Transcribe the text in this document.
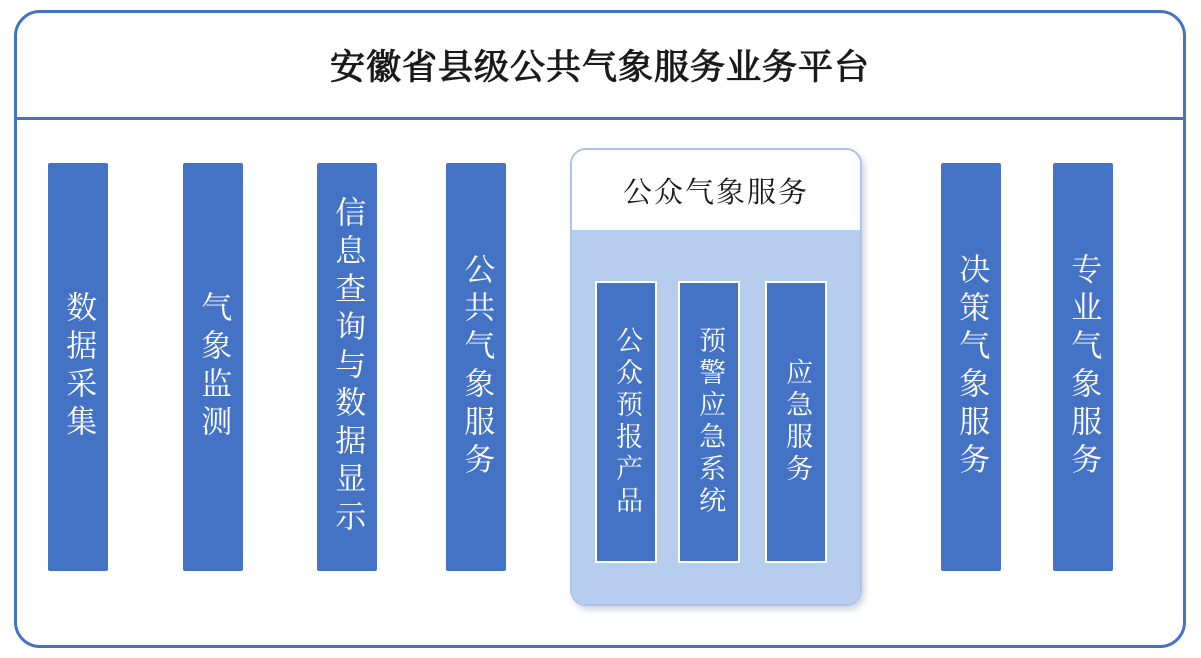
安徽省县级公共气象服务业务平台
数据采集	气象监测	信息查询与数据显示	公共气象服务
公众气象服务
公众预报产品 预警应急系统 应急服务	决策气象服务 专业气象服务
